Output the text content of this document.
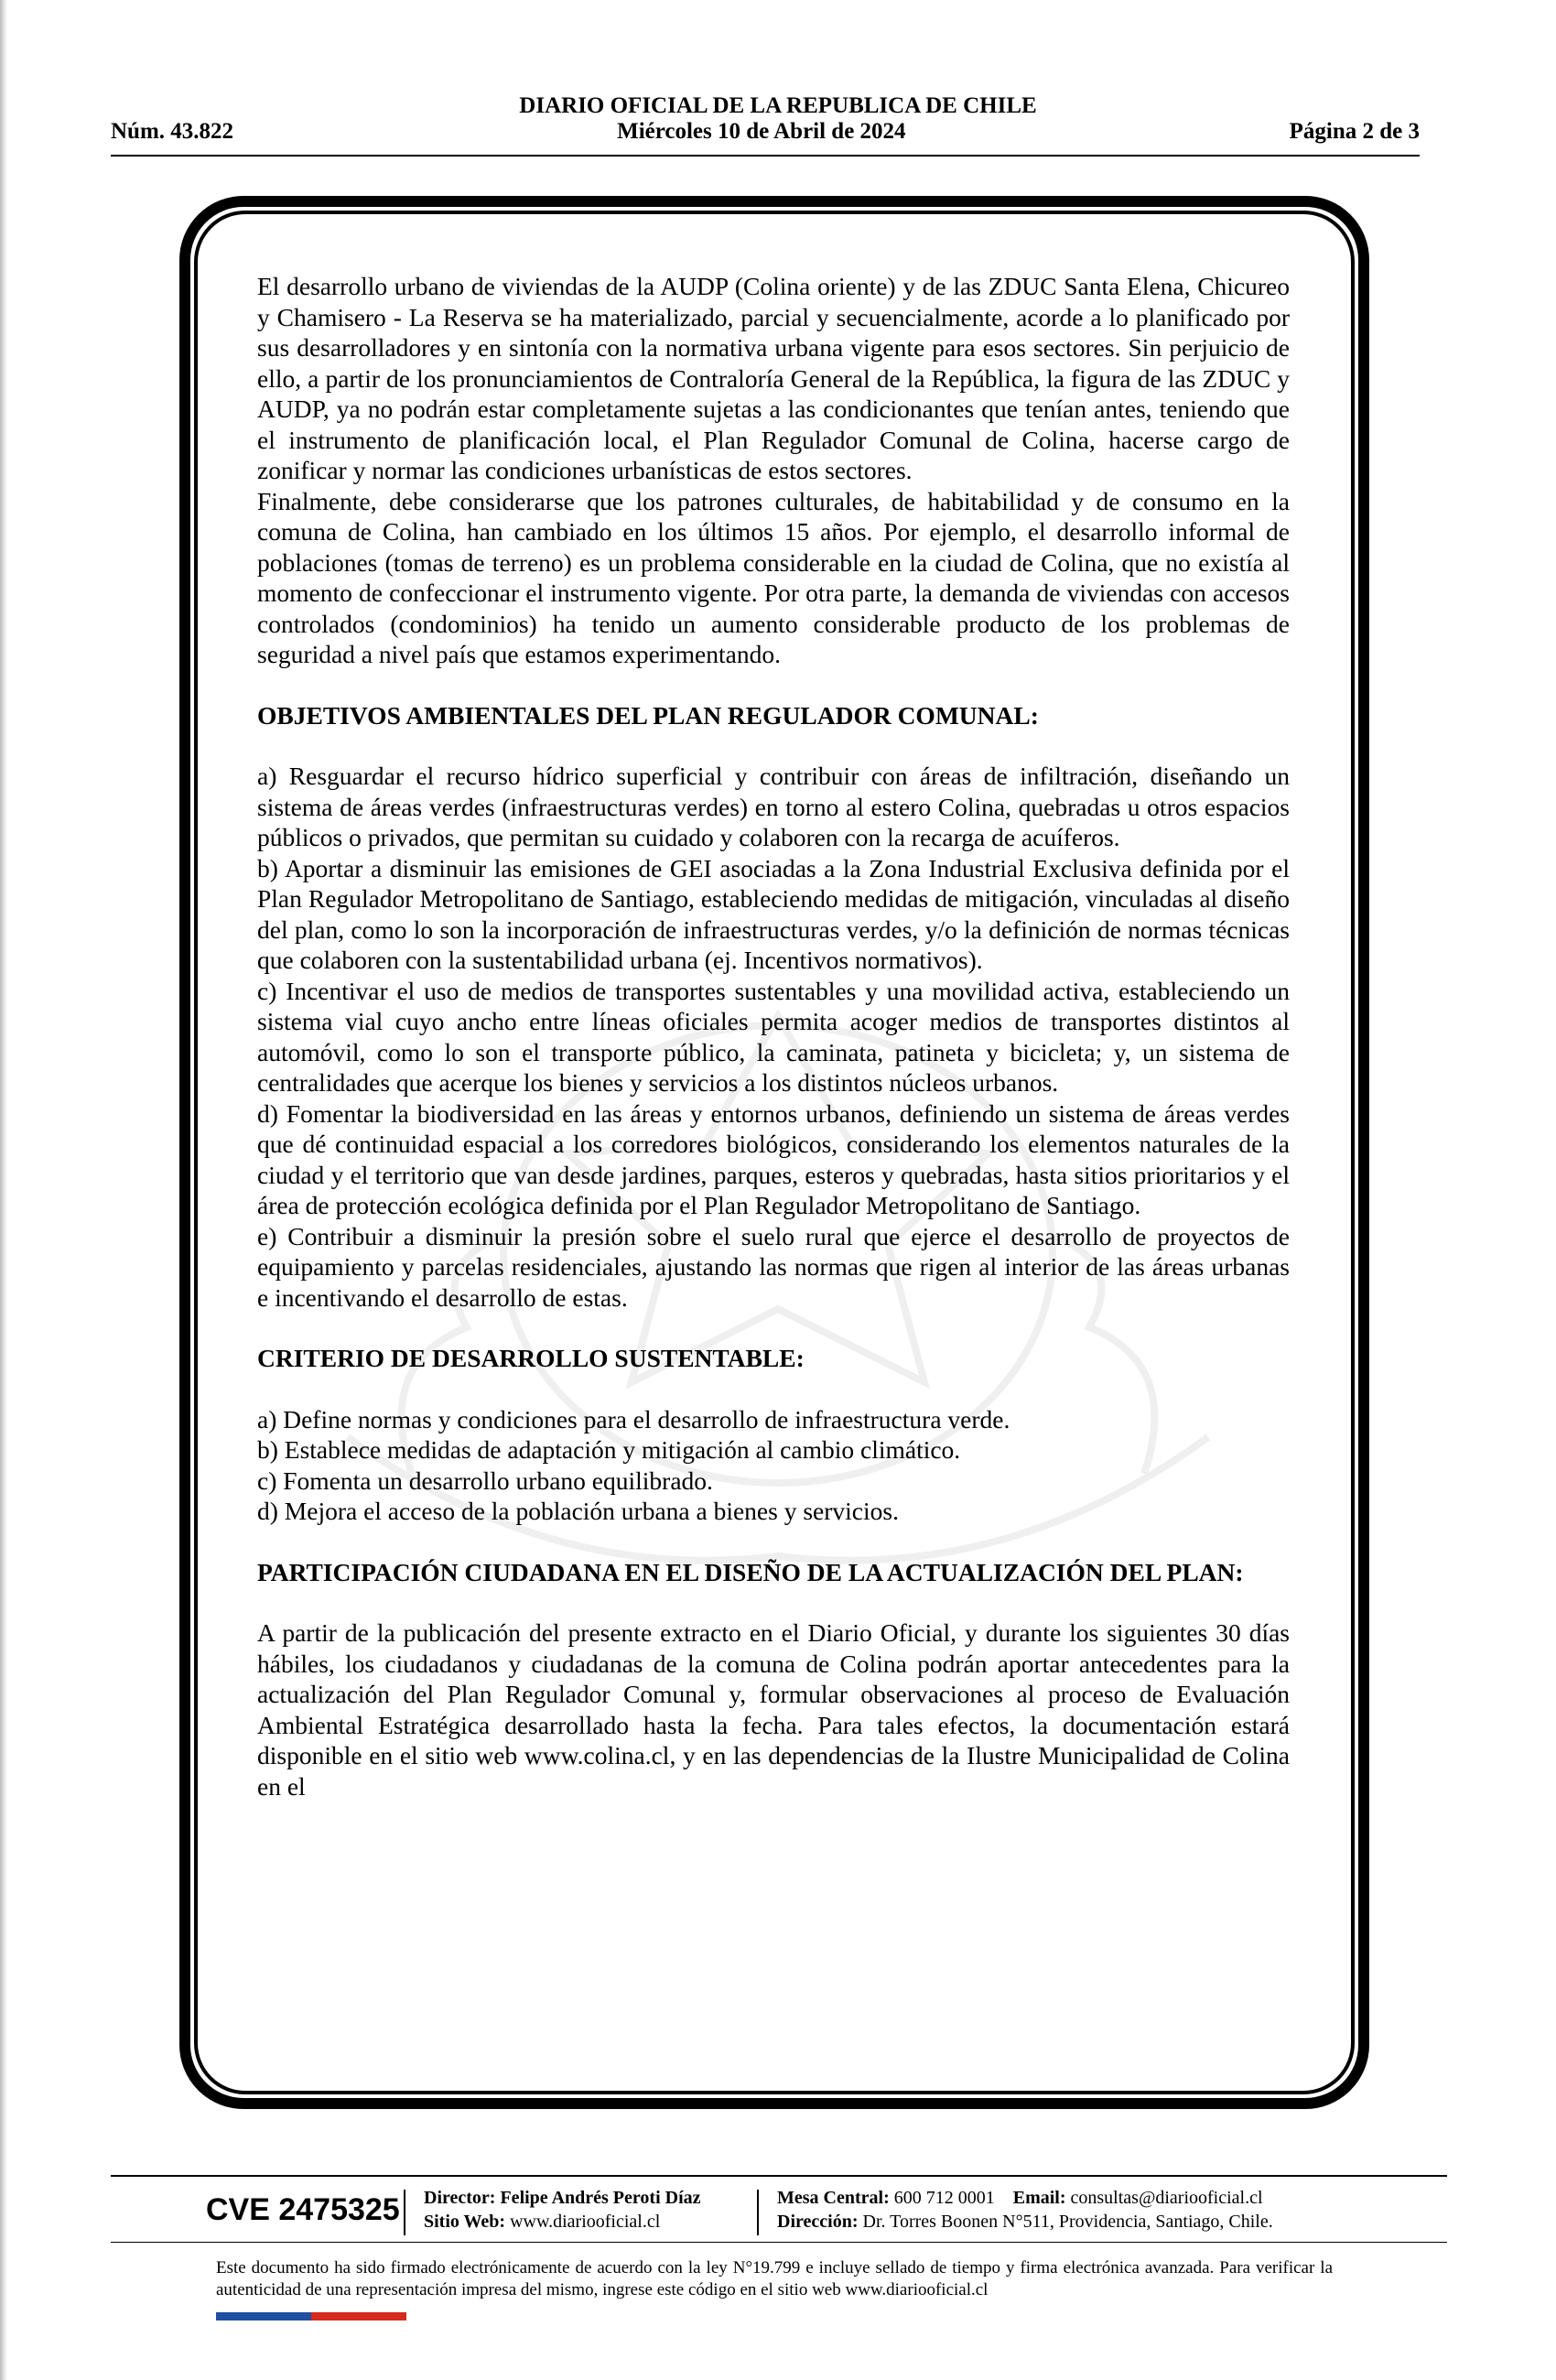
DIARIO OFICIAL DE LA REPUBLICA DE CHILE
Núm. 43.822	Miércoles 10 de Abril de 2024	Página 2 de 3

El desarrollo urbano de viviendas de la AUDP (Colina oriente) y de las ZDUC Santa Elena, Chicureo y Chamisero - La Reserva se ha materializado, parcial y secuencialmente, acorde a lo planificado por sus desarrolladores y en sintonía con la normativa urbana vigente para esos sectores. Sin perjuicio de ello, a partir de los pronunciamientos de Contraloría General de la República, la figura de las ZDUC y AUDP, ya no podrán estar completamente sujetas a las condicionantes que tenían antes, teniendo que el instrumento de planificación local, el Plan Regulador Comunal de Colina, hacerse cargo de zonificar y normar las condiciones urbanísticas de estos sectores.

Finalmente, debe considerarse que los patrones culturales, de habitabilidad y de consumo en la comuna de Colina, han cambiado en los últimos 15 años. Por ejemplo, el desarrollo informal de poblaciones (tomas de terreno) es un problema considerable en la ciudad de Colina, que no existía al momento de confeccionar el instrumento vigente. Por otra parte, la demanda de viviendas con accesos controlados (condominios) ha tenido un aumento considerable producto de los problemas de seguridad a nivel país que estamos experimentando.

OBJETIVOS AMBIENTALES DEL PLAN REGULADOR COMUNAL:

a) Resguardar el recurso hídrico superficial y contribuir con áreas de infiltración, diseñando un sistema de áreas verdes (infraestructuras verdes) en torno al estero Colina, quebradas u otros espacios públicos o privados, que permitan su cuidado y colaboren con la recarga de acuíferos.

b) Aportar a disminuir las emisiones de GEI asociadas a la Zona Industrial Exclusiva definida por el Plan Regulador Metropolitano de Santiago, estableciendo medidas de mitigación, vinculadas al diseño del plan, como lo son la incorporación de infraestructuras verdes, y/o la definición de normas técnicas que colaboren con la sustentabilidad urbana (ej. Incentivos normativos).

c) Incentivar el uso de medios de transportes sustentables y una movilidad activa, estableciendo un sistema vial cuyo ancho entre líneas oficiales permita acoger medios de transportes distintos al automóvil, como lo son el transporte público, la caminata, patineta y bicicleta; y, un sistema de centralidades que acerque los bienes y servicios a los distintos núcleos urbanos.

d) Fomentar la biodiversidad en las áreas y entornos urbanos, definiendo un sistema de áreas verdes que dé continuidad espacial a los corredores biológicos, considerando los elementos naturales de la ciudad y el territorio que van desde jardines, parques, esteros y quebradas, hasta sitios prioritarios y el área de protección ecológica definida por el Plan Regulador Metropolitano de Santiago.

e) Contribuir a disminuir la presión sobre el suelo rural que ejerce el desarrollo de proyectos de equipamiento y parcelas residenciales, ajustando las normas que rigen al interior de las áreas urbanas e incentivando el desarrollo de estas.

CRITERIO DE DESARROLLO SUSTENTABLE:

a) Define normas y condiciones para el desarrollo de infraestructura verde.

b) Establece medidas de adaptación y mitigación al cambio climático.

c) Fomenta un desarrollo urbano equilibrado.

d) Mejora el acceso de la población urbana a bienes y servicios.

PARTICIPACIÓN CIUDADANA EN EL DISEÑO DE LA ACTUALIZACIÓN DEL PLAN:

A partir de la publicación del presente extracto en el Diario Oficial, y durante los siguientes 30 días hábiles, los ciudadanos y ciudadanas de la comuna de Colina podrán aportar antecedentes para la actualización del Plan Regulador Comunal y, formular observaciones al proceso de Evaluación Ambiental Estratégica desarrollado hasta la fecha. Para tales efectos, la documentación estará disponible en el sitio web www.colina.cl, y en las dependencias de la Ilustre Municipalidad de Colina en el

CVE 2475325 Director: Felipe Andrés Peroti Díaz
Sitio Web: www.diariooficial.cl
Mesa Central: 600 712 0001 Email: consultas@diariooficial.cl
Dirección: Dr. Torres Boonen N°511, Providencia, Santiago, Chile.
Este documento ha sido firmado electrónicamente de acuerdo con la ley N°19.799 e incluye sellado de tiempo y firma electrónica avanzada. Para verificar la autenticidad de una representación impresa del mismo, ingrese este código en el sitio web www.diariooficial.cl
